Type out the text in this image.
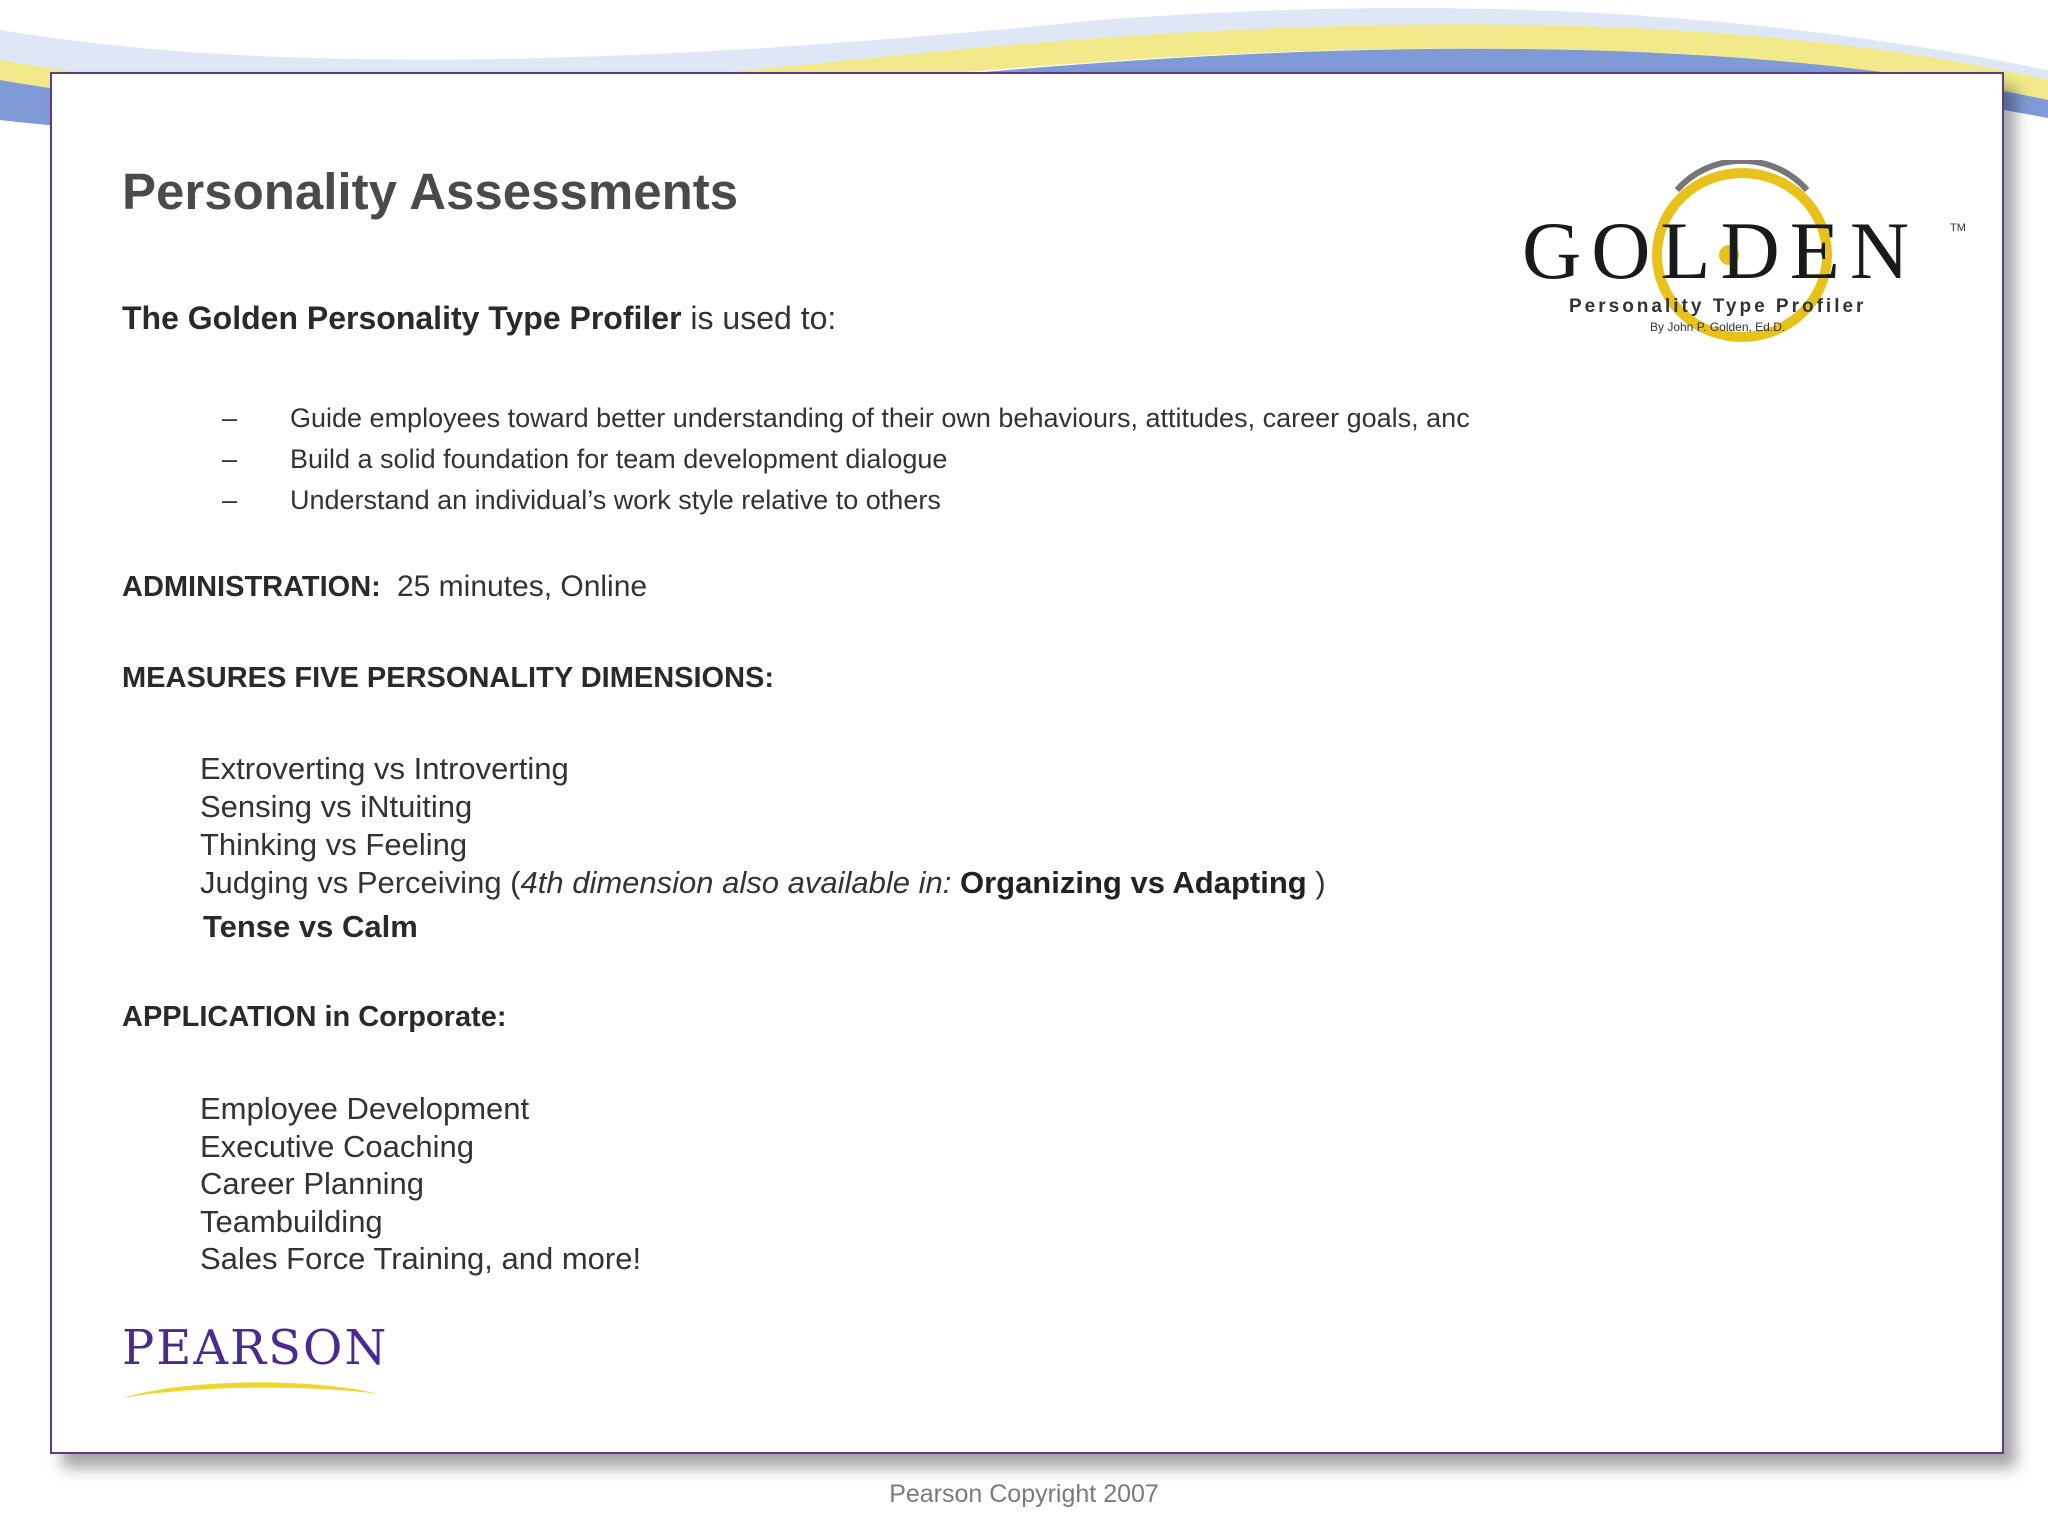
Personality Assessments
The Golden Personality Type Profiler is used to:
– Guide employees toward better understanding of their own behaviours, attitudes, career goals, anc
– Build a solid foundation for team development dialogue
– Understand an individual’s work style relative to others
ADMINISTRATION: 25 minutes, Online
MEASURES FIVE PERSONALITY DIMENSIONS:
Extroverting vs Introverting
Sensing vs iNtuiting
Thinking vs Feeling
Judging vs Perceiving (4th dimension also available in: Organizing vs Adapting )
Tense vs Calm
APPLICATION in Corporate:
Employee Development
Executive Coaching
Career Planning
Teambuilding
Sales Force Training, and more!
GOLDEN	TM
Personality Type Profiler
By John P. Golden, Ed.D.
PEARSON
Pearson Copyright 2007
